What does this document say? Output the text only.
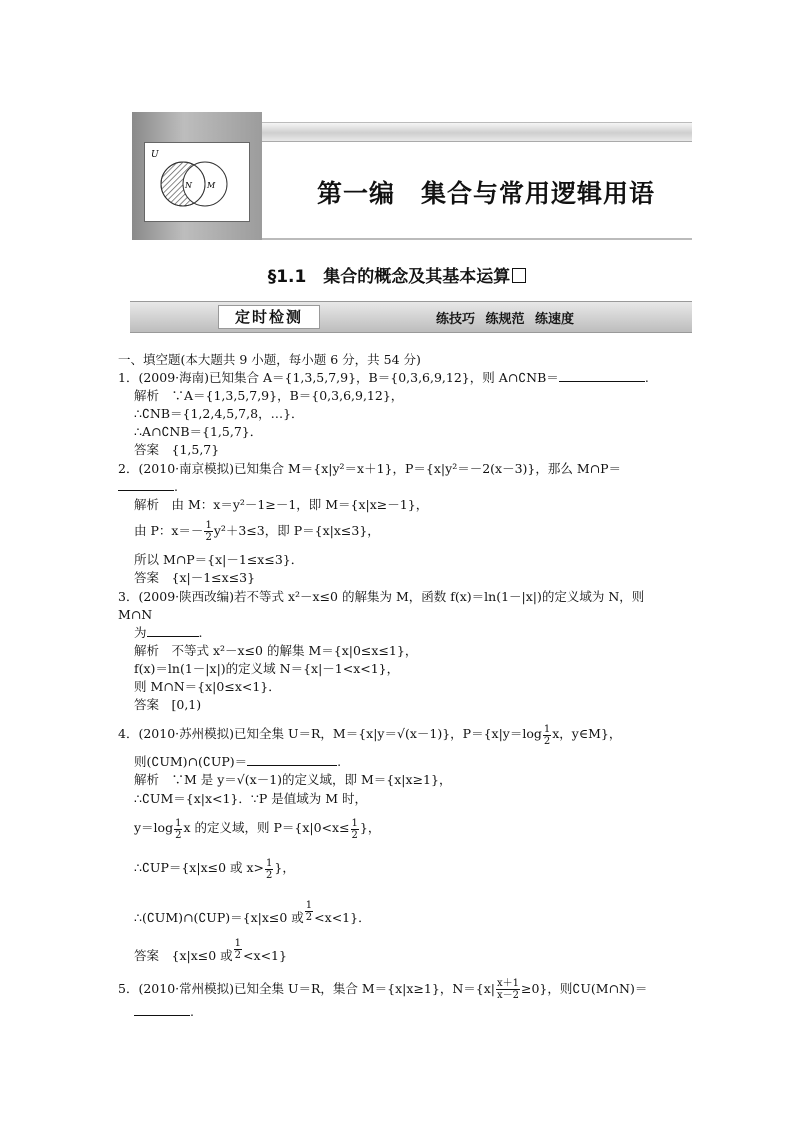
U
N M	第一编　集合与常用逻辑用语
§1.1　集合的概念及其基本运算
定时检测	练技巧 练规范 练速度
一、填空题(本大题共 9 小题，每小题 6 分，共 54 分)
1．(2009·海南)已知集合 A＝{1,3,5,7,9}，B＝{0,3,6,9,12}，则 A∩∁NB＝	.
解析　∵A＝{1,3,5,7,9}，B＝{0,3,6,9,12}，
∴∁NB＝{1,2,4,5,7,8，…}．
∴A∩∁NB＝{1,5,7}．
答案　{1,5,7}
2．(2010·南京模拟)已知集合 M＝{x|y²＝x＋1}，P＝{x|y²＝－2(x－3)}，那么 M∩P＝
.
解析　由 M：x＝y²－1≥－1，即 M＝{x|x≥－1}，
由 P：$x=- \frac{1}{2} y^2+3\le 3$，即 P＝{x|x≤3}，
所以 M∩P＝{x|－1≤x≤3}．
答案　{x|－1≤x≤3}
3．(2009·陕西改编)若不等式 x²－x≤0 的解集为 M，函数 f(x)＝ln(1－|x|)的定义域为 N，则
M∩N
为	.
解析　不等式 x²－x≤0 的解集 M＝{x|0≤x≤1}，
f(x)＝ln(1－|x|)的定义域 N＝{x|－1<x<1}，
则 M∩N＝{x|0≤x<1}．
答案　[0,1)
4．(2010·苏州模拟)已知全集 U＝R，M＝{x|y＝√(x－1)}，$P=\{x|y=\log \frac{1}{2}$ x，y∈M}，
则(∁UM)∩(∁UP)＝	.
解析　∵M 是 y＝√(x－1)的定义域，即 M＝{x|x≥1}，
∴∁UM＝{x|x<1}．∵P 是值域为 M 时，
$y=\log \frac{1}{2}$ x 的定义域，则 $P=\{x|0<x\le \frac{1}{2}$ }，
∴∁UP＝{x|x≤0 或 $x> \frac{1}{2}$ }，
∴(∁UM)∩(∁UP)＝{x|x≤0 或 $\frac{1}{2} <x<1$}．
答案　{x|x≤0 或 $\frac{1}{2} <x<1$}
5．(2010·常州模拟)已知全集 U＝R，集合 M＝{x|x≥1}，$N=\{x| \frac{x+1}{x-2} \ge 0\}$，则∁U(M∩N)＝
.
